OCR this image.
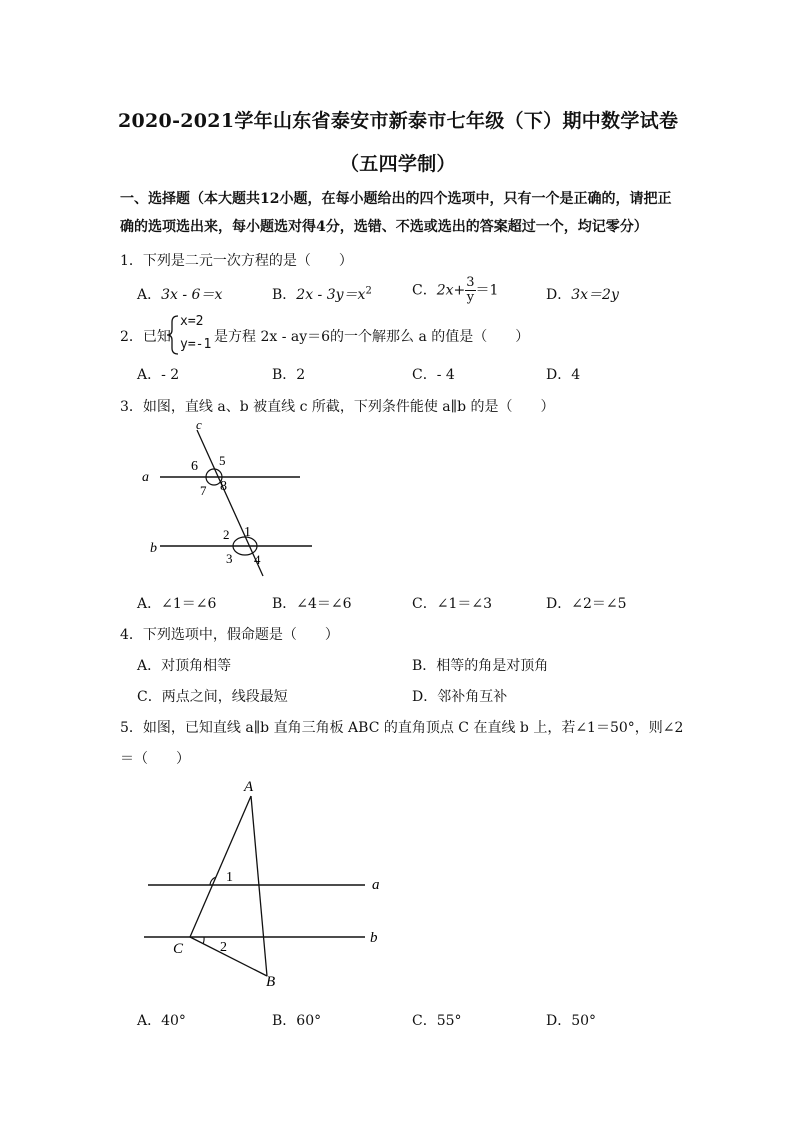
2020-2021学年山东省泰安市新泰市七年级（下）期中数学试卷
（五四学制）
一、选择题（本大题共12小题，在每小题给出的四个选项中，只有一个是正确的，请把正
确的选项选出来，每小题选对得4分，选错、不选或选出的答案超过一个，均记零分）
1．下列是二元一次方程的是（　　）
A．3x - 6＝x	B．$2x - 3y=x^2$	C．$2x+ \frac{3}{y} =1$	D．3x＝2y
2．已知
x=2
y=-1 是方程 2x - ay＝6的一个解那么 a 的值是（　　）
A．- 2	B．2	C．- 4	D．4
3．如图，直线 a、b 被直线 c 所截，下列条件能使 a∥b 的是（　　）
c
a
b
6 5
7 8
2 1
3 4
A．∠1＝∠6	B．∠4＝∠6	C．∠1＝∠3	D．∠2＝∠5
4．下列选项中，假命题是（　　）
A．对顶角相等	B．相等的角是对顶角
C．两点之间，线段最短	D．邻补角互补
5．如图，已知直线 a∥b 直角三角板 ABC 的直角顶点 C 在直线 b 上，若∠1＝50°，则∠2
＝（　　）
A
C
B
a
b
1
2
A．40°	B．60°	C．55°	D．50°
